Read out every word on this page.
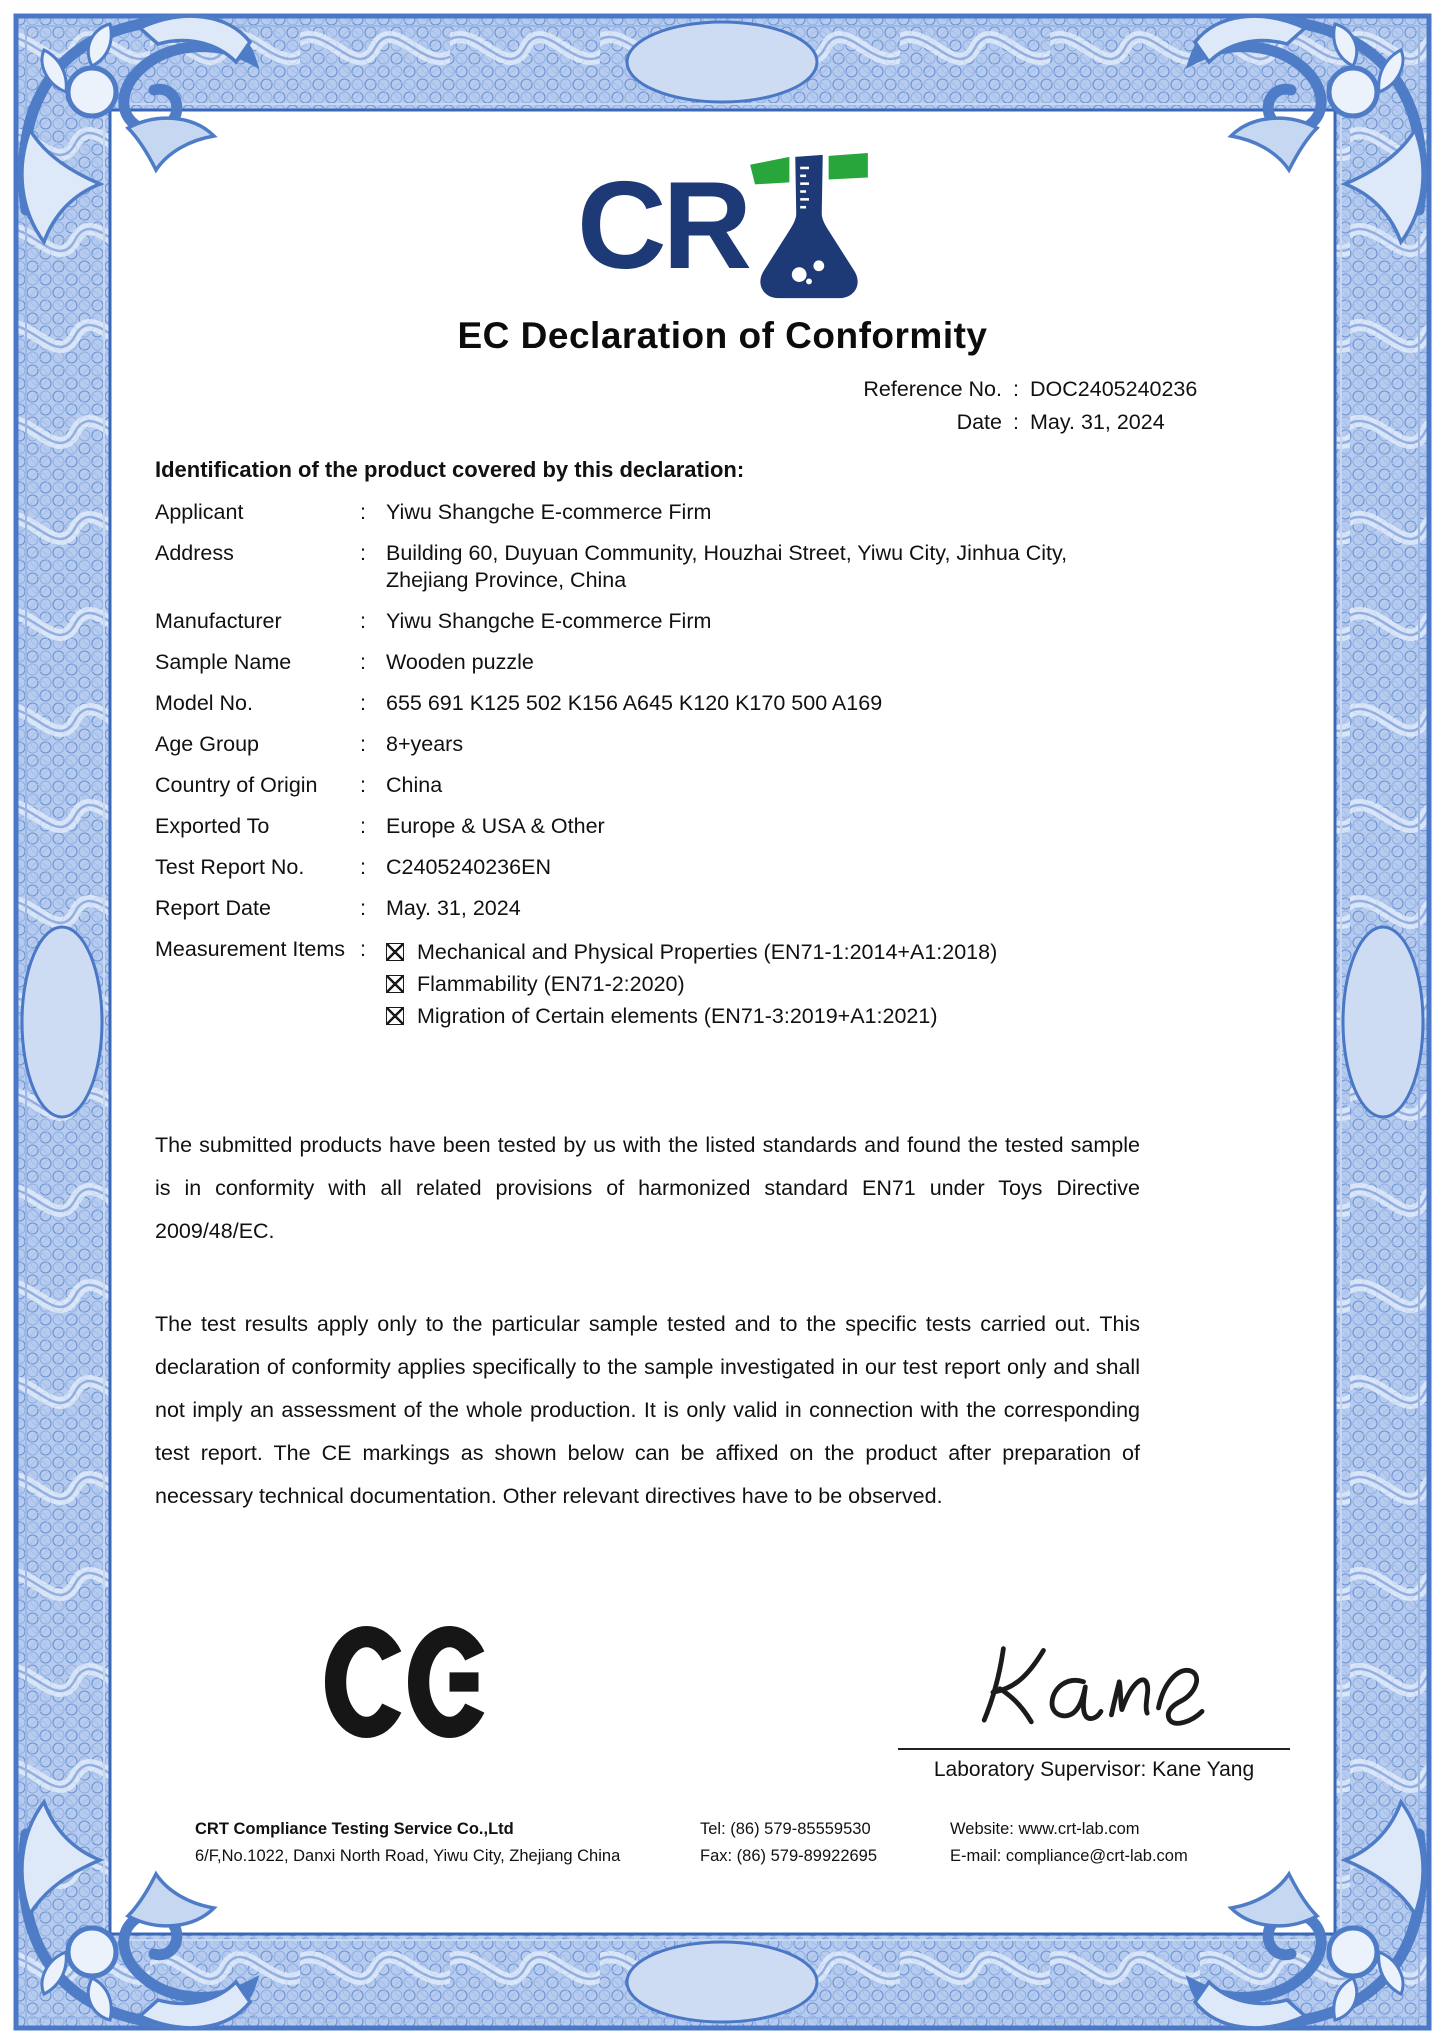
CR
EC Declaration of Conformity
Reference No. : DOC2405240236
Date : May. 31, 2024
Identification of the product covered by this declaration:
Applicant	: Yiwu Shangche E-commerce Firm
Address	: Building 60, Duyuan Community, Houzhai Street, Yiwu City, Jinhua City,
Zhejiang Province, China
Manufacturer	: Yiwu Shangche E-commerce Firm
Sample Name	: Wooden puzzle
Model No.	: 655 691 K125 502 K156 A645 K120 K170 500 A169
Age Group	: 8+years
Country of Origin	: China
Exported To	: Europe & USA & Other
Test Report No.	: C2405240236EN
Report Date	: May. 31, 2024
Measurement Items :	Mechanical and Physical Properties (EN71-1:2014+A1:2018)
Flammability (EN71-2:2020)
Migration of Certain elements (EN71-3:2019+A1:2021)
The submitted products have been tested by us with the listed standards and found the tested sample is in conformity with all related provisions of harmonized standard EN71 under Toys Directive 2009/48/EC.
The test results apply only to the particular sample tested and to the specific tests carried out. This declaration of conformity applies specifically to the sample investigated in our test report only and shall not imply an assessment of the whole production. It is only valid in connection with the corresponding test report. The CE markings as shown below can be affixed on the product after preparation of necessary technical documentation. Other relevant directives have to be observed.
Laboratory Supervisor: Kane Yang
CRT Compliance Testing Service Co.,Ltd
6/F,No.1022, Danxi North Road, Yiwu City, Zhejiang China
Tel: (86) 579-85559530
Fax: (86) 579-89922695
Website: www.crt-lab.com
E-mail: compliance@crt-lab.com
